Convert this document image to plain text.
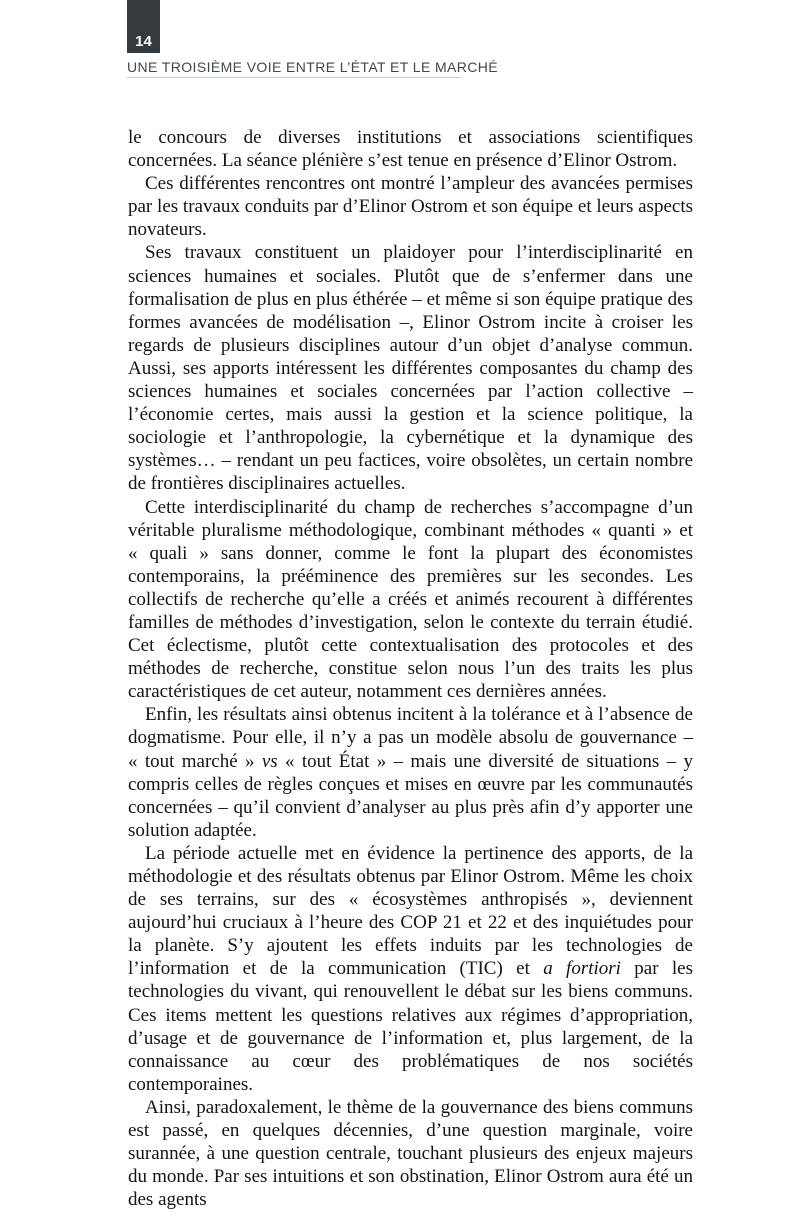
14
UNE TROISIÈME VOIE ENTRE L’ÉTAT ET LE MARCHÉ

le concours de diverses institutions et associations scientifiques concernées. La séance plénière s’est tenue en présence d’Elinor Ostrom.

Ces différentes rencontres ont montré l’ampleur des avancées permises par les travaux conduits par d’Elinor Ostrom et son équipe et leurs aspects novateurs.

Ses travaux constituent un plaidoyer pour l’interdisciplinarité en sciences humaines et sociales. Plutôt que de s’enfermer dans une formalisation de plus en plus éthérée – et même si son équipe pratique des formes avancées de modélisation –, Elinor Ostrom incite à croiser les regards de plusieurs disciplines autour d’un objet d’analyse commun. Aussi, ses apports intéressent les différentes composantes du champ des sciences humaines et sociales concernées par l’action collective – l’économie certes, mais aussi la gestion et la science politique, la sociologie et l’anthropologie, la cybernétique et la dynamique des systèmes… – rendant un peu factices, voire obsolètes, un certain nombre de frontières disciplinaires actuelles.

Cette interdisciplinarité du champ de recherches s’accompagne d’un véritable pluralisme méthodologique, combinant méthodes « quanti » et « quali » sans donner, comme le font la plupart des économistes contemporains, la prééminence des premières sur les secondes. Les collectifs de recherche qu’elle a créés et animés recourent à différentes familles de méthodes d’investigation, selon le contexte du terrain étudié. Cet éclectisme, plutôt cette contextualisation des protocoles et des méthodes de recherche, constitue selon nous l’un des traits les plus caractéristiques de cet auteur, notamment ces dernières années.

Enfin, les résultats ainsi obtenus incitent à la tolérance et à l’absence de dogmatisme. Pour elle, il n’y a pas un modèle absolu de gouvernance – « tout marché » vs « tout État » – mais une diversité de situations – y compris celles de règles conçues et mises en œuvre par les communautés concernées – qu’il convient d’analyser au plus près afin d’y apporter une solution adaptée.

La période actuelle met en évidence la pertinence des apports, de la méthodologie et des résultats obtenus par Elinor Ostrom. Même les choix de ses terrains, sur des « écosystèmes anthropisés », deviennent aujourd’hui cruciaux à l’heure des COP 21 et 22 et des inquiétudes pour la planète. S’y ajoutent les effets induits par les technologies de l’information et de la communication (TIC) et a fortiori par les technologies du vivant, qui renouvellent le débat sur les biens communs. Ces items mettent les questions relatives aux régimes d’appropriation, d’usage et de gouvernance de l’information et, plus largement, de la connaissance au cœur des problématiques de nos sociétés contemporaines.

Ainsi, paradoxalement, le thème de la gouvernance des biens communs est passé, en quelques décennies, d’une question marginale, voire surannée, à une question centrale, touchant plusieurs des enjeux majeurs du monde. Par ses intuitions et son obstination, Elinor Ostrom aura été un des agents
